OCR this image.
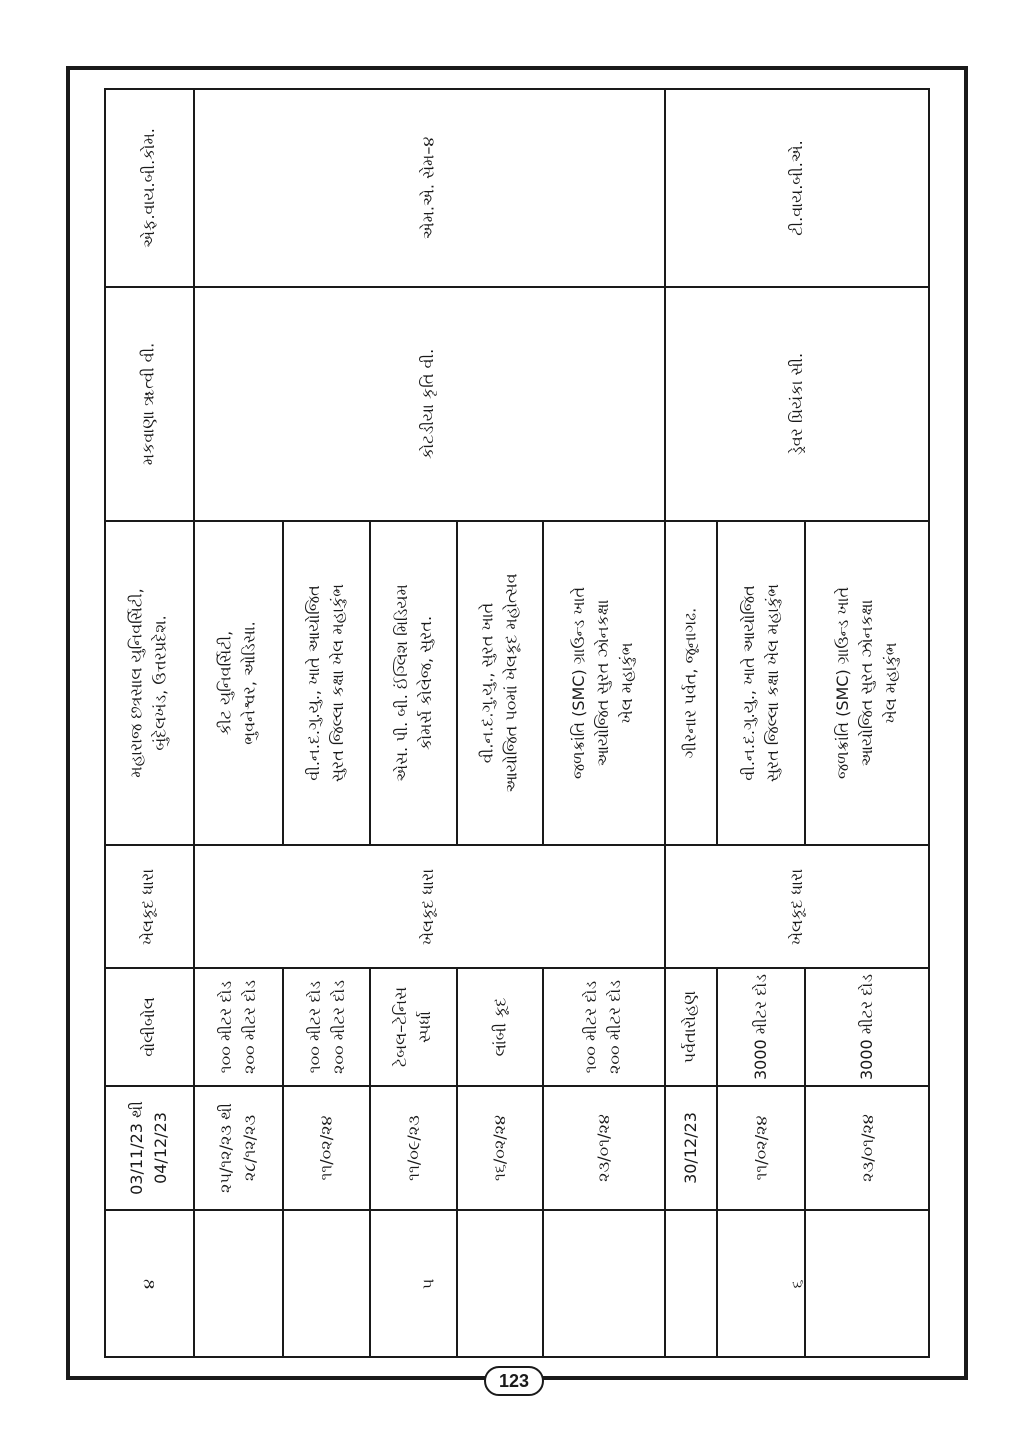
એફ.વાય.બી.કોમ.
મકવાણા ૠત્વી વી.
૪
ખેલકૂદ ધારા
મહારાજ છત્રસાલ યુનિવર્સિટી, બુંદેલખંડ, ઉત્તરપ્રદેશ.
વોલીબોલ
03/11/23 થી 04/12/23
એમ.એ. સેમ–૪
કોટડીયા કૃતિ વી.
૫
ખેલકૂદ ધારા
કીટ યુનિવર્સિટી, ભુવનેશ્વર, ઓડિસા.
૧૦૦ મીટર દોડ ૨૦૦ મીટર દોડ
૨૫/૧૨/૨૩ થી ૨૮/૧૨/૨૩
વી.ન.દ.ગુ.યુ., ખાતે આયોજિત સુરત જિલ્લા કક્ષા ખેલ મહાકુંભ
૧૦૦ મીટર દોડ ૨૦૦ મીટર દોડ
૧૧/૦૨/૨૪
એસ. પી. બી. ઈંગ્લિશ મિડિયમ કોમર્સ કોલેજ, સુરત.
ટેબલ–ટેનિસ સ્પર્ધા
૧૧/૦૯/૨૩
વી.ન.દ.ગુ.યુ., સુરત ખાતે આયોજિત ૫૦માં ખેલકૂદ મહોત્સવ
લાંબી કૂદ
૧૬/૦૨/૨૪
જળક્રાંતિ (SMC) ગ્રાઉન્ડ ખાતે આયોજિત સુરત ઝોનકક્ષા ખેલ મહાકુંભ
૧૦૦ મીટર દોડ ૨૦૦ મીટર દોડ
૨૩/૦૧/૨૪
ટી.વાય.બી.એ.
ડ્રેવર પ્રિયંકા સી.
૬
ખેલકૂદ ધારા
ગીરનાર પર્વત, જૂનાગઢ.
પર્વતારોહણ
30/12/23
વી.ન.દ.ગુ.યુ., ખાતે આયોજિત સુરત જિલ્લા કક્ષા ખેલ મહાકુંભ
3000 મીટર દોડ
૧૧/૦૨/૨૪
જળક્રાંતિ (SMC) ગ્રાઉન્ડ ખાતે આયોજિત સુરત ઝોનકક્ષા ખેલ મહાકુંભ
3000 મીટર દોડ
૨૩/૦૧/૨૪
123
